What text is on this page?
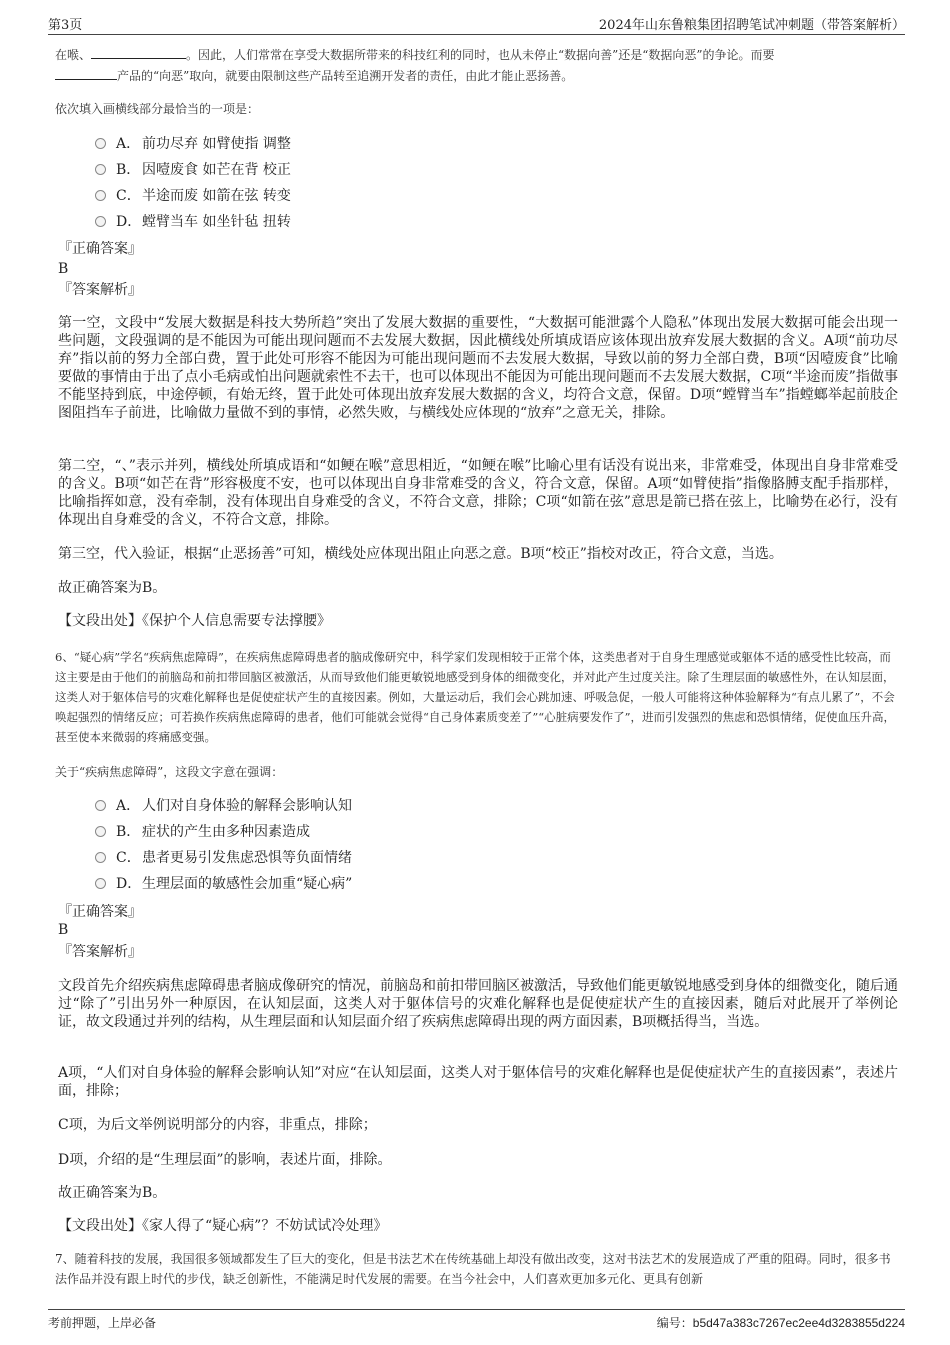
第3页	2024年山东鲁粮集团招聘笔试冲刺题（带答案解析）
在喉、	。因此，人们常常在享受大数据所带来的科技红利的同时，也从未停止“数据向善”还是“数据向恶”的争论。而要
产品的“向恶”取向，就要由限制这些产品转至追溯开发者的责任，由此才能止恶扬善。
依次填入画横线部分最恰当的一项是：
A． 前功尽弃 如臂使指 调整
B． 因噎废食 如芒在背 校正
C．半途而废 如箭在弦 转变
D．螳臂当车 如坐针毡 扭转
『正确答案』
B
『答案解析』
第一空，文段中“发展大数据是科技大势所趋”突出了发展大数据的重要性，“大数据可能泄露个人隐私”体现出发展大数据可能会出现一些问题，文段强调的是不能因为可能出现问题而不去发展大数据，因此横线处所填成语应该体现出放弃发展大数据的含义。A项“前功尽弃”指以前的努力全部白费，置于此处可形容不能因为可能出现问题而不去发展大数据，导致以前的努力全部白费，B项“因噎废食”比喻要做的事情由于出了点小毛病或怕出问题就索性不去干，也可以体现出不能因为可能出现问题而不去发展大数据，C项“半途而废”指做事不能坚持到底，中途停顿，有始无终，置于此处可体现出放弃发展大数据的含义，均符合文意，保留。D项“螳臂当车”指螳螂举起前肢企图阻挡车子前进，比喻做力量做不到的事情，必然失败，与横线处应体现的“放弃”之意无关，排除。
第二空，“、”表示并列，横线处所填成语和“如鲠在喉”意思相近，“如鲠在喉”比喻心里有话没有说出来，非常难受，体现出自身非常难受的含义。B项“如芒在背”形容极度不安，也可以体现出自身非常难受的含义，符合文意，保留。A项“如臂使指”指像胳膊支配手指那样，比喻指挥如意，没有牵制，没有体现出自身难受的含义，不符合文意，排除；C项“如箭在弦”意思是箭已搭在弦上，比喻势在必行，没有体现出自身难受的含义，不符合文意，排除。
第三空，代入验证，根据“止恶扬善”可知，横线处应体现出阻止向恶之意。B项“校正”指校对改正，符合文意，当选。
故正确答案为B。
【文段出处】《保护个人信息需要专法撑腰》
6、“疑心病”学名“疾病焦虑障碍”，在疾病焦虑障碍患者的脑成像研究中，科学家们发现相较于正常个体，这类患者对于自身生理感觉或躯体不适的感受性比较高，而这主要是由于他们的前脑岛和前扣带回脑区被激活，从而导致他们能更敏锐地感受到身体的细微变化，并对此产生过度关注。除了生理层面的敏感性外，在认知层面，这类人对于躯体信号的灾难化解释也是促使症状产生的直接因素。例如，大量运动后，我们会心跳加速、呼吸急促，一般人可能将这种体验解释为“有点儿累了”，不会唤起强烈的情绪反应；可若换作疾病焦虑障碍的患者，他们可能就会觉得“自己身体素质变差了”“心脏病要发作了”，进而引发强烈的焦虑和恐惧情绪，促使血压升高，甚至使本来微弱的疼痛感变强。
关于“疾病焦虑障碍”，这段文字意在强调：
A． 人们对自身体验的解释会影响认知
B． 症状的产生由多种因素造成
C．患者更易引发焦虑恐惧等负面情绪
D．生理层面的敏感性会加重“疑心病”
『正确答案』
B
『答案解析』
文段首先介绍疾病焦虑障碍患者脑成像研究的情况，前脑岛和前扣带回脑区被激活，导致他们能更敏锐地感受到身体的细微变化，随后通过“除了”引出另外一种原因，在认知层面，这类人对于躯体信号的灾难化解释也是促使症状产生的直接因素，随后对此展开了举例论证，故文段通过并列的结构，从生理层面和认知层面介绍了疾病焦虑障碍出现的两方面因素，B项概括得当，当选。
A项，“人们对自身体验的解释会影响认知”对应“在认知层面，这类人对于躯体信号的灾难化解释也是促使症状产生的直接因素”，表述片面，排除；
C项，为后文举例说明部分的内容，非重点，排除；
D项，介绍的是“生理层面”的影响，表述片面，排除。
故正确答案为B。
【文段出处】《家人得了“疑心病”？不妨试试冷处理》
7、随着科技的发展，我国很多领域都发生了巨大的变化，但是书法艺术在传统基础上却没有做出改变，这对书法艺术的发展造成了严重的阻碍。同时，很多书法作品并没有跟上时代的步伐，缺乏创新性，不能满足时代发展的需要。在当今社会中，人们喜欢更加多元化、更具有创新
考前押题，上岸必备	编号：b5d47a383c7267ec2ee4d3283855d224
